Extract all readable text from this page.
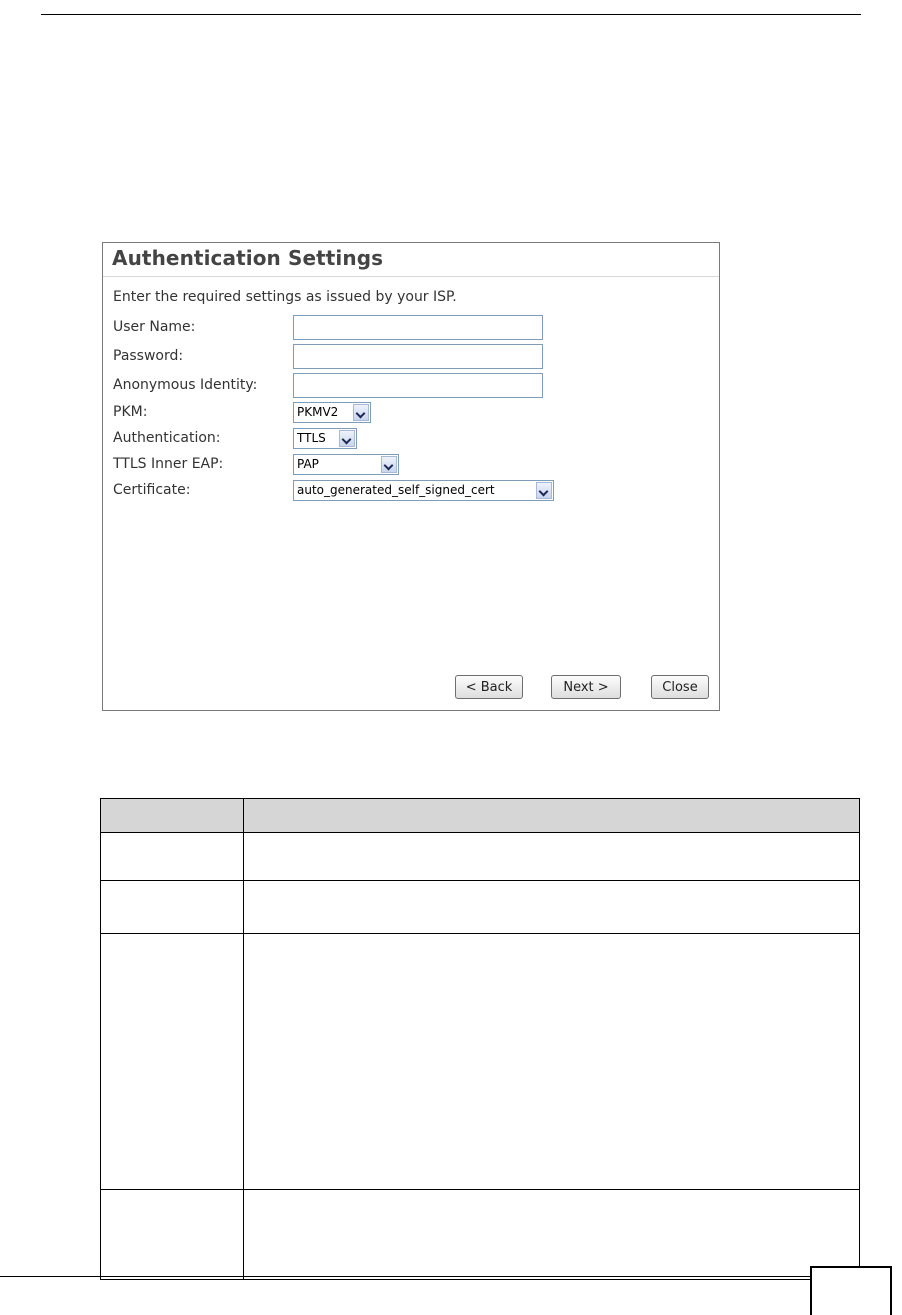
Authentication Settings
Enter the required settings as issued by your ISP.
User Name:
Password:
Anonymous Identity:
PKM:	PKMV2
Authentication:	TTLS
TTLS Inner EAP:	PAP
Certificate:	auto_generated_self_signed_cert
< Back	Next >	Close
